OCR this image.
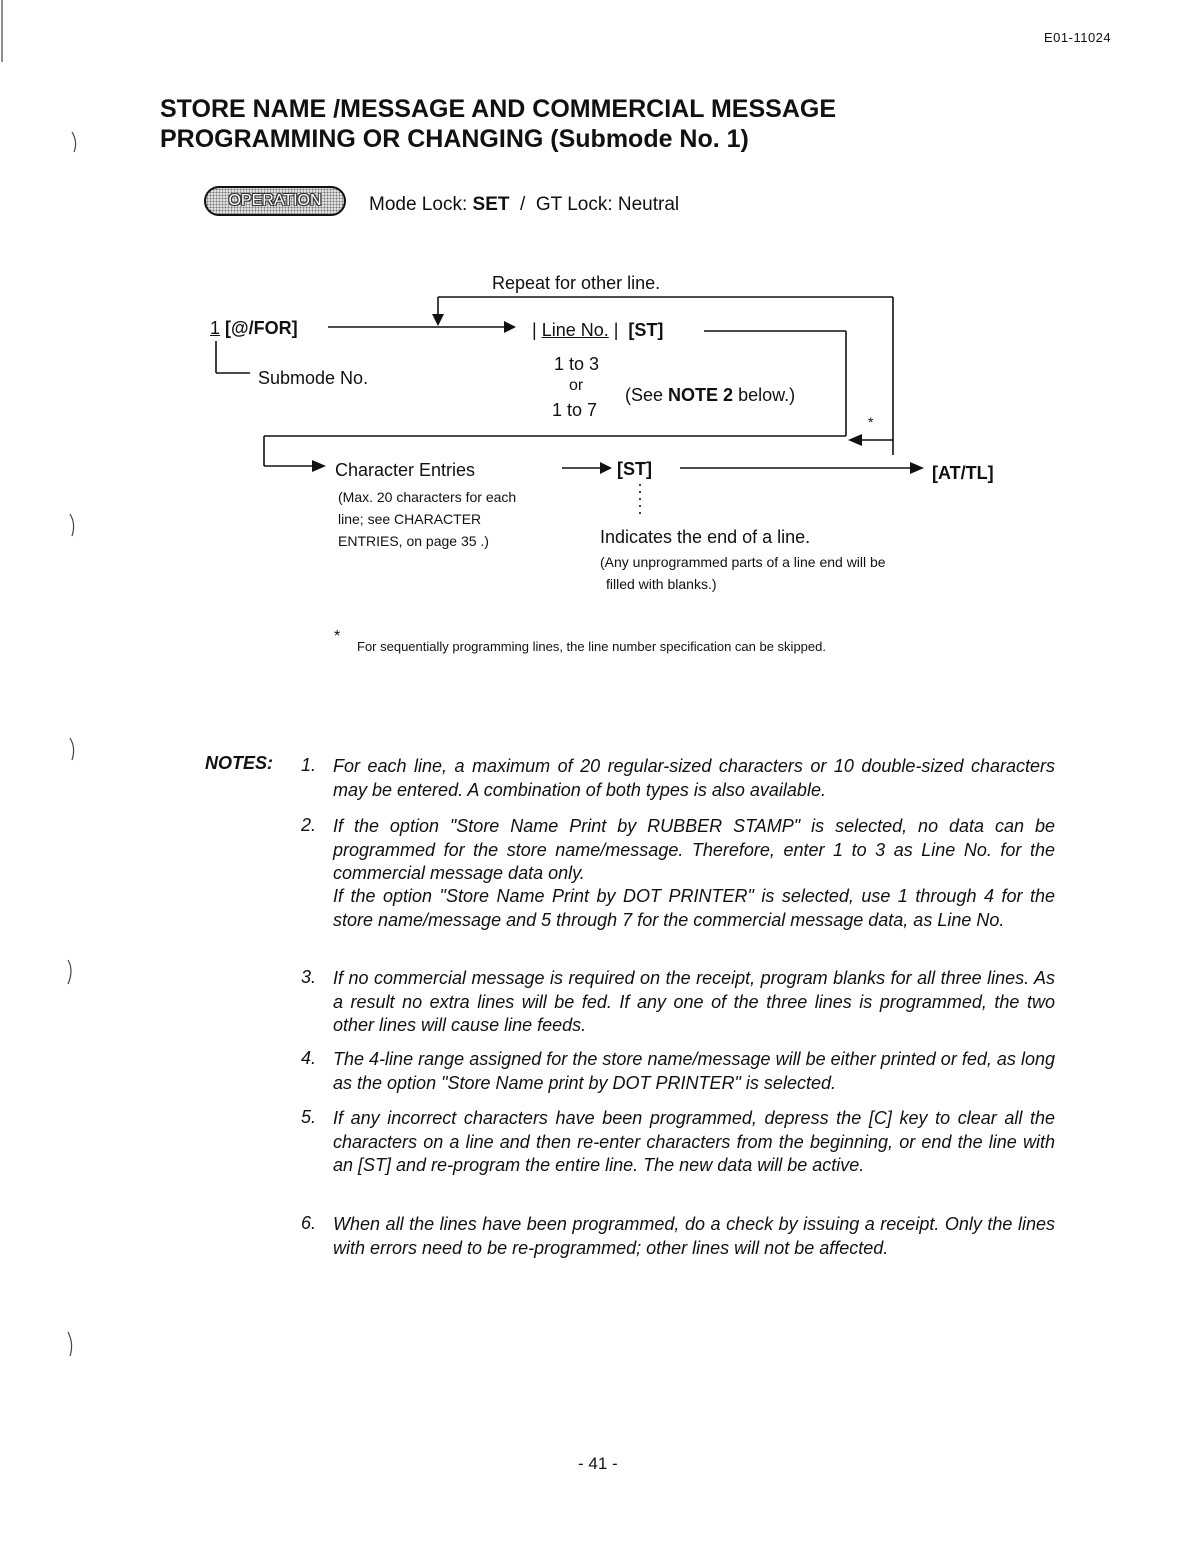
E01-11024
STORE NAME /MESSAGE AND COMMERCIAL MESSAGE
PROGRAMMING OR CHANGING (Submode No. 1)
OPERATION	Mode Lock: SET / GT Lock: Neutral
Repeat for other line.
1 [@/FOR]
Submode No.
| Line No. |  [ST]
1 to 3
or
1 to 7
(See NOTE 2 below.)
*
Character Entries
(Max. 20 characters for each
line; see CHARACTER
ENTRIES, on page 35 .)
[ST]	[AT/TL]
Indicates the end of a line.
(Any unprogrammed parts of a line end will be
filled with blanks.)
*
For sequentially programming lines, the line number specification can be skipped.
NOTES:	1. For each line, a maximum of 20 regular-sized characters or 10 double-sized characters may be entered. A combination of both types is also available.
2. If the option "Store Name Print by RUBBER STAMP" is selected, no data can be programmed for the store name/message. Therefore, enter 1 to 3 as Line No. for the commercial message data only.
If the option "Store Name Print by DOT PRINTER" is selected, use 1 through 4 for the store name/message and 5 through 7 for the commercial message data, as Line No.
3. If no commercial message is required on the receipt, program blanks for all three lines. As a result no extra lines will be fed. If any one of the three lines is programmed, the two other lines will cause line feeds.
4. The 4-line range assigned for the store name/message will be either printed or fed, as long as the option "Store Name print by DOT PRINTER" is selected.
5. If any incorrect characters have been programmed, depress the [C] key to clear all the characters on a line and then re-enter characters from the beginning, or end the line with an [ST] and re-program the entire line. The new data will be active.
6. When all the lines have been programmed, do a check by issuing a receipt. Only the lines with errors need to be re-programmed; other lines will not be affected.
- 41 -
